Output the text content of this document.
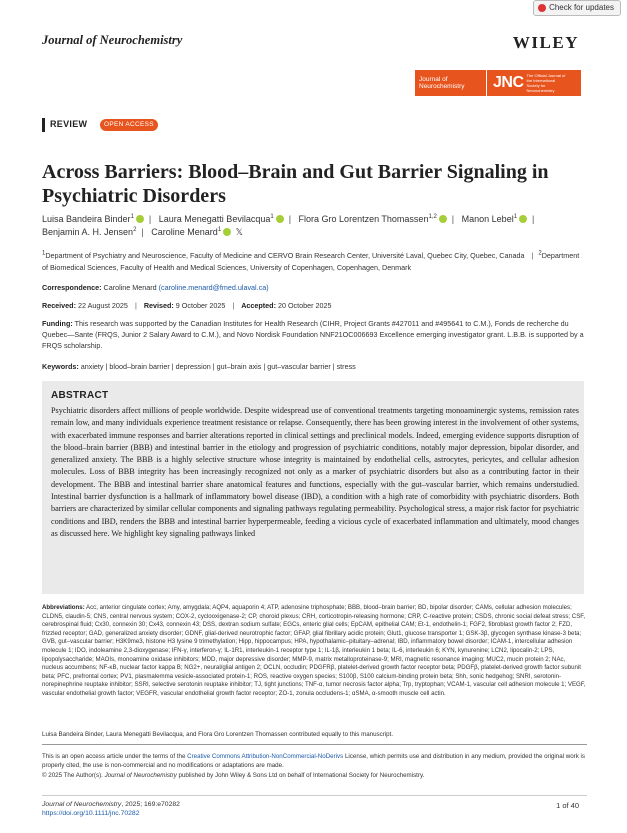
Check for updates
Journal of Neurochemistry	WILEY
Journal of Neurochemistry	JNC The Official Journal of the International Society for Neurochemistry
REVIEW	OPEN ACCESS
Across Barriers: Blood–Brain and Gut Barrier Signaling in Psychiatric Disorders
Luisa Bandeira Binder$^1$ | Laura Menegatti Bevilacqua$^1$ | Flora Gro Lorentzen Thomassen$^{1,2}$ | Manon Lebel$^1$ |
Benjamin A. H. Jensen$^2$ | Caroline Menard$^1$ 𝕏
$^1$Department of Psychiatry and Neuroscience, Faculty of Medicine and CERVO Brain Research Center, Université Laval, Quebec City, Quebec, Canada | $^2$Department of Biomedical Sciences, Faculty of Health and Medical Sciences, University of Copenhagen, Copenhagen, Denmark
Correspondence: Caroline Menard (caroline.menard@fmed.ulaval.ca)
Received: 22 August 2025 | Revised: 9 October 2025 | Accepted: 20 October 2025
Funding: This research was supported by the Canadian Institutes for Health Research (CIHR, Project Grants #427011 and #495641 to C.M.), Fonds de recherche du Quebec—Sante (FRQS, Junior 2 Salary Award to C.M.), and Novo Nordisk Foundation NNF21OC006693 Excellence emerging investigator grant. L.B.B. is supported by a FRQS scholarship.
Keywords: anxiety | blood–brain barrier | depression | gut–brain axis | gut–vascular barrier | stress
ABSTRACT
Psychiatric disorders affect millions of people worldwide. Despite widespread use of conventional treatments targeting monoaminergic systems, remission rates remain low, and many individuals experience treatment resistance or relapse. Consequently, there has been growing interest in the involvement of other systems, with exacerbated immune responses and barrier alterations reported in clinical settings and preclinical models. Indeed, emerging evidence supports disruption of the blood–brain barrier (BBB) and intestinal barrier in the etiology and progression of psychiatric conditions, notably major depression, bipolar disorder, and generalized anxiety. The BBB is a highly selective structure whose integrity is maintained by endothelial cells, astrocytes, pericytes, and cellular adhesion molecules. Loss of BBB integrity has been increasingly recognized not only as a marker of psychiatric disorders but also as a contributing factor in their development. The BBB and intestinal barrier share anatomical features and functions, especially with the gut–vascular barrier, which remains understudied. Intestinal barrier dysfunction is a hallmark of inflammatory bowel disease (IBD), a condition with a high rate of comorbidity with psychiatric disorders. Both barriers are characterized by similar cellular components and signaling pathways regulating permeability. Psychological stress, a major risk factor for psychiatric conditions and IBD, renders the BBB and intestinal barrier hyperpermeable, feeding a vicious cycle of exacerbated inflammation and ultimately, mood changes as discussed here. We highlight key signaling pathways linked
Abbreviations: Acc, anterior cingulate cortex; Amy, amygdala; AQP4, aquaporin 4; ATP, adenosine triphosphate; BBB, blood–brain barrier; BD, bipolar disorder; CAMs, cellular adhesion molecules; CLDN5, claudin-5; CNS, central nervous system; COX-2, cyclooxigenase-2; CP, choroid plexus; CRH, corticotropin-releasing hormone; CRP, C-reactive protein; CSDS, chronic social defeat stress; CSF, cerebrospinal fluid; Cx30, connexin 30; Cx43, connexin 43; DSS, dextran sodium sulfate; EGCs, enteric glial cells; EpCAM, epithelial CAM; Et-1, endothelin-1; FGF2, fibroblast growth factor 2; FZD, frizzled receptor; GAD, generalized anxiety disorder; GDNF, glial-derived neurotrophic factor; GFAP, glial fibrillary acidic protein; Glut1, glucose transporter 1; GSK-3β, glycogen synthase kinase-3 beta; GVB, gut–vascular barrier; H3K9me3, histone H3 lysine 9 trimethylation; Hipp, hippocampus; HPA, hypothalamic–pituitary–adrenal; IBD, inflammatory bowel disorder; ICAM-1, intercellular adhesion molecule 1; IDO, indoleamine 2,3-dioxygenase; IFN-γ, interferon-γ; IL-1R1, interleukin-1 receptor type 1; IL-1β, interleukin 1 beta; IL-6, interleukin 6; KYN, kynurenine; LCN2, lipocalin-2; LPS, lipopolysaccharide; MAOIs, monoamine oxidase inhibitors; MDD, major depressive disorder; MMP-9, matrix metalloproteinase-9; MRI, magnetic resonance imaging; MUC2, mucin protein 2; NAc, nucleus accumbens; NF-κB, nuclear factor kappa B; NG2+, neural/glial antigen 2; OCLN, occludin; PDGFRβ, platelet-derived growth factor receptor beta; PDGFβ, platelet-derived growth factor subunit beta; PFC, prefrontal cortex; PV1, plasmalemma vesicle-associated protein-1; ROS, reactive oxygen species; S100β, S100 calcium-binding protein beta; Shh, sonic hedgehog; SNRI, serotonin-norepinephrine reuptake inhibitor; SSRI, selective serotonin reuptake inhibitor; TJ, tight junctions; TNF-α, tumor necrosis factor alpha; Trp, tryptophan; VCAM-1, vascular cell adhesion molecule 1; VEGF, vascular endothelial growth factor; VEGFR, vascular endothelial growth factor receptor; ZO-1, zonula occludens-1; αSMA, α-smooth muscle cell actin.
Luisa Bandeira Binder, Laura Menegatti Bevilacqua, and Flora Gro Lorentzen Thomassen contributed equally to this manuscript.
This is an open access article under the terms of the Creative Commons Attribution-NonCommercial-NoDerivs License, which permits use and distribution in any medium, provided the original work is properly cited, the use is non-commercial and no modifications or adaptations are made.
© 2025 The Author(s). Journal of Neurochemistry published by John Wiley & Sons Ltd on behalf of International Society for Neurochemistry.
Journal of Neurochemistry, 2025; 169:e70282
https://doi.org/10.1111/jnc.70282
1 of 40
